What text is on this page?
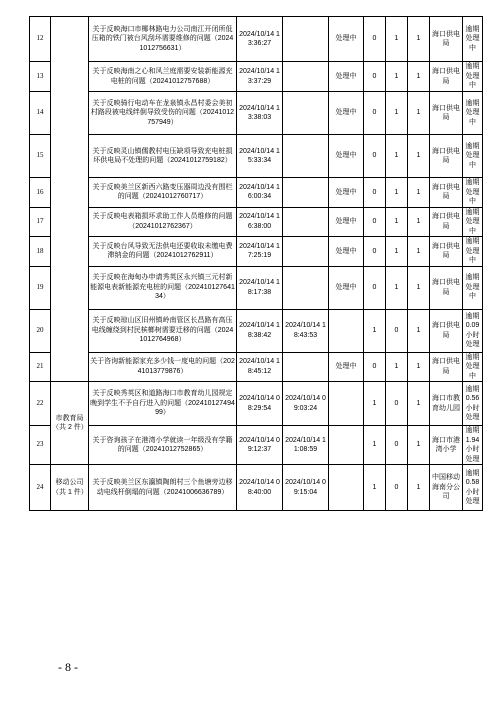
12		关于反映海口市椰林路电力公司南江开闭所低压箱的铁门被台风刮坏需要维修的问题（20241012756631）	2024/10/14 13:36:27		处理中	0	1	1	海口供电局	逾期处理中
13		关于反映海南之心和风兰庭需要安装新能源充电桩的问题（20241012757688）	2024/10/14 13:37:29		处理中	0	1	1	海口供电局	逾期处理中
14		关于反映骑行电动车在龙泉镇永昌村委会美初村路段被电线绊倒导致受伤的问题（20241012757949）	2024/10/14 13:38:03		处理中	0	1	1	海口供电局	逾期处理中
15		关于反映灵山镇儒教村电压缺项导致充电桩损坏供电局不处理的问题（20241012759182）	2024/10/14 15:33:34		处理中	0	1	1	海口供电局	逾期处理中
16		关于反映美兰区新西六路变压器周边没有围栏的问题（20241012760717）	2024/10/14 16:00:34		处理中	0	1	1	海口供电局	逾期处理中
17		关于反映电表箱损坏求助工作人员维修的问题（20241012762367）	2024/10/14 16:38:00		处理中	0	1	1	海口供电局	逾期处理中
18		关于反映台风导致无法供电还要收取未缴电费滞纳金的问题（20241012762911）	2024/10/14 17:25:19		处理中	0	1	1	海口供电局	逾期处理中
19		关于反映在海甸办申请秀英区永兴镇三元村新能源电表新能源充电桩的问题（20241012764134）	2024/10/14 18:17:38		处理中	0	1	1	海口供电局	逾期处理中
20		关于反映琼山区旧州镇岭南管区长昌路有高压电线缠绕到村民槟榔树需要迁移的问题（20241012764968）	2024/10/14 18:38:42	2024/10/14 18:43:53		1	0	1	海口供电局	逾期 0.09 小时处理
21		关于咨询新能源家充多少钱一度电的问题（20241013779876）	2024/10/14 18:45:12		处理中	0	1	1	海口供电局	逾期处理中
22	市教育局（共 2 件）	关于反映秀英区和道路海口市教育幼儿园规定晚到学生不予自行进入的问题（20241012749499）	2024/10/14 08:29:54	2024/10/14 09:03:24		1	0	1	海口市教育幼儿园	逾期 0.56 小时处理
23		关于咨询孩子在港湾小学就读一年级没有学籍的问题（20241012752865）	2024/10/14 09:12:37	2024/10/14 11:08:59		1	0	1	海口市港湾小学	逾期 1.94 小时处理
24	移动公司（共 1 件）	关于反映美兰区东瀛镇陶朗村三个鱼塘旁边移动电线杆倒塌的问题（20241006636789）	2024/10/14 08:40:00	2024/10/14 09:15:04		1	0	1	中国移动海南分公司	逾期 0.58 小时处理
- 8 -
